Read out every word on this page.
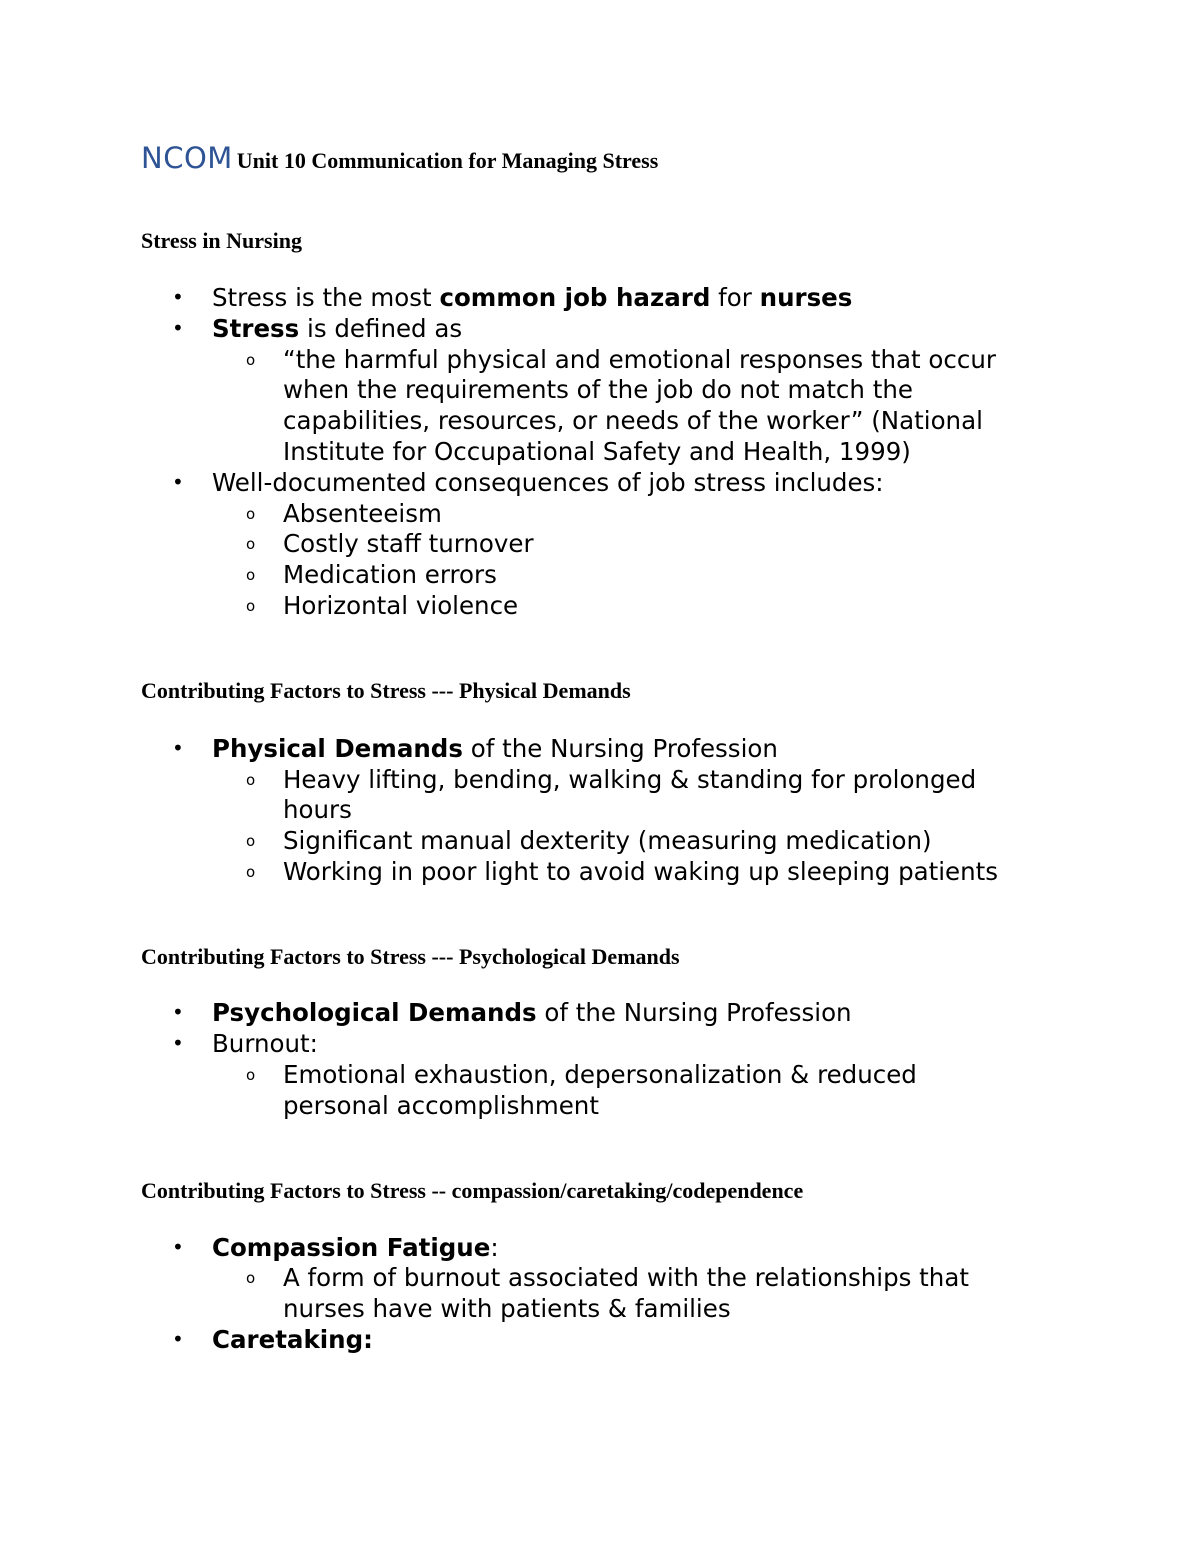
NCOM Unit 10 Communication for Managing Stress
Stress in Nursing
• Stress is the most common job hazard for nurses
• Stress is defined as
o “the harmful physical and emotional responses that occur
when the requirements of the job do not match the
capabilities, resources, or needs of the worker” (National
Institute for Occupational Safety and Health, 1999)
• Well-documented consequences of job stress includes:
o Absenteeism
o Costly staff turnover
o Medication errors
o Horizontal violence
Contributing Factors to Stress --- Physical Demands
• Physical Demands of the Nursing Profession
o Heavy lifting, bending, walking & standing for prolonged
hours
o Significant manual dexterity (measuring medication)
o Working in poor light to avoid waking up sleeping patients
Contributing Factors to Stress --- Psychological Demands
• Psychological Demands of the Nursing Profession
• Burnout:
o Emotional exhaustion, depersonalization & reduced
personal accomplishment
Contributing Factors to Stress -- compassion/caretaking/codependence
• Compassion Fatigue:
o A form of burnout associated with the relationships that
nurses have with patients & families
• Caretaking:
